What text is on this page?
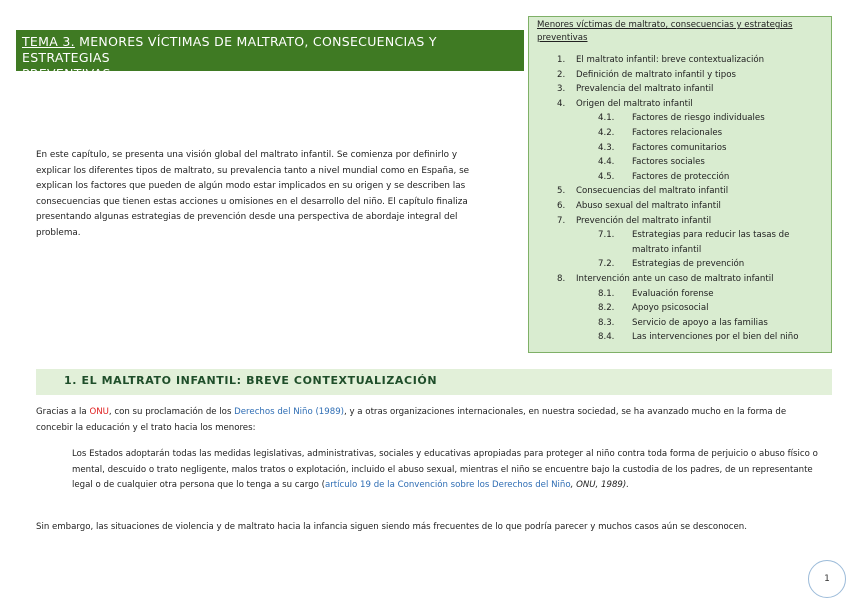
TEMA 3. MENORES VÍCTIMAS DE MALTRATO, CONSECUENCIAS Y ESTRATEGIAS
PREVENTIVAS
Menores víctimas de maltrato, consecuencias y estrategias preventivas
1. El maltrato infantil: breve contextualización
2. Definición de maltrato infantil y tipos
3. Prevalencia del maltrato infantil
4. Origen del maltrato infantil
4.1. Factores de riesgo individuales
4.2. Factores relacionales
4.3. Factores comunitarios
4.4. Factores sociales
4.5. Factores de protección
5. Consecuencias del maltrato infantil
6. Abuso sexual del maltrato infantil
7. Prevención del maltrato infantil
7.1. Estrategias para reducir las tasas de maltrato infantil
7.2. Estrategias de prevención
8. Intervención ante un caso de maltrato infantil
8.1. Evaluación forense
8.2. Apoyo psicosocial
8.3. Servicio de apoyo a las familias
8.4. Las intervenciones por el bien del niño
En este capítulo, se presenta una visión global del maltrato infantil. Se comienza por definirlo y explicar los diferentes tipos de maltrato, su prevalencia tanto a nivel mundial como en España, se explican los factores que pueden de algún modo estar implicados en su origen y se describen las consecuencias que tienen estas acciones u omisiones en el desarrollo del niño. El capítulo finaliza presentando algunas estrategias de prevención desde una perspectiva de abordaje integral del problema.
1. EL MALTRATO INFANTIL: BREVE CONTEXTUALIZACIÓN
Gracias a la ONU, con su proclamación de los Derechos del Niño (1989), y a otras organizaciones internacionales, en nuestra sociedad, se ha avanzado mucho en la forma de concebir la educación y el trato hacia los menores:
Los Estados adoptarán todas las medidas legislativas, administrativas, sociales y educativas apropiadas para proteger al niño contra toda forma de perjuicio o abuso físico o mental, descuido o trato negligente, malos tratos o explotación, incluido el abuso sexual, mientras el niño se encuentre bajo la custodia de los padres, de un representante legal o de cualquier otra persona que lo tenga a su cargo (artículo 19 de la Convención sobre los Derechos del Niño, ONU, 1989).
Sin embargo, las situaciones de violencia y de maltrato hacia la infancia siguen siendo más frecuentes de lo que podría parecer y muchos casos aún se desconocen.
1
